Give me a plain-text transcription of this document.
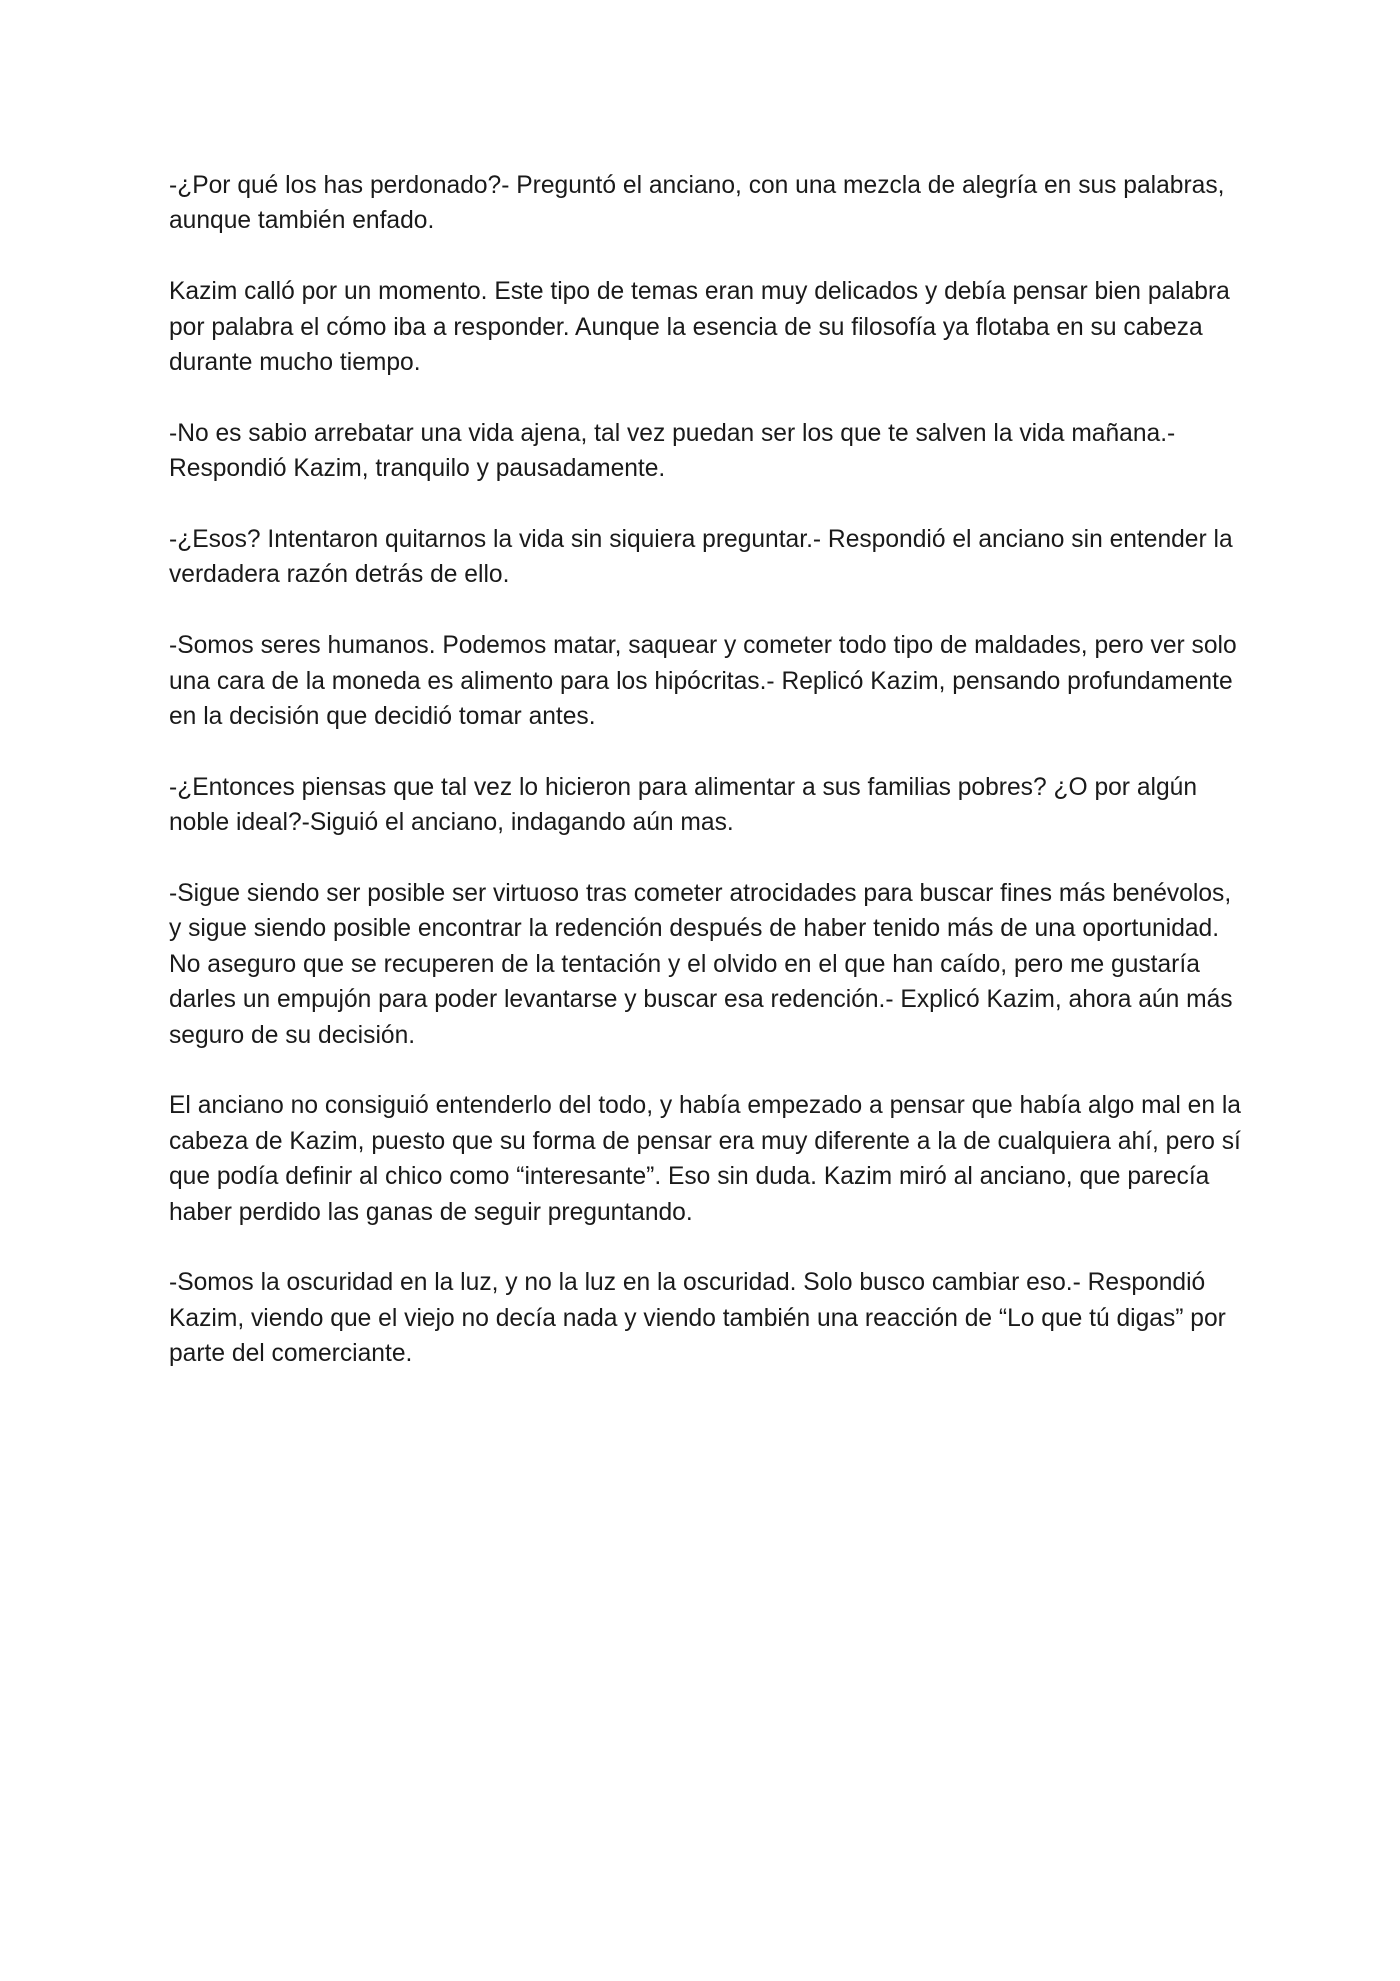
-¿Por qué los has perdonado?- Preguntó el anciano, con una mezcla de alegría en sus palabras, aunque también enfado.

Kazim calló por un momento. Este tipo de temas eran muy delicados y debía pensar bien palabra por palabra el cómo iba a responder. Aunque la esencia de su filosofía ya flotaba en su cabeza durante mucho tiempo.

-No es sabio arrebatar una vida ajena, tal vez puedan ser los que te salven la vida mañana.- Respondió Kazim, tranquilo y pausadamente.

-¿Esos? Intentaron quitarnos la vida sin siquiera preguntar.- Respondió el anciano sin entender la verdadera razón detrás de ello.

-Somos seres humanos. Podemos matar, saquear y cometer todo tipo de maldades, pero ver solo una cara de la moneda es alimento para los hipócritas.- Replicó Kazim, pensando profundamente en la decisión que decidió tomar antes.

-¿Entonces piensas que tal vez lo hicieron para alimentar a sus familias pobres? ¿O por algún noble ideal?-Siguió el anciano, indagando aún mas.

-Sigue siendo ser posible ser virtuoso tras cometer atrocidades para buscar fines más benévolos, y sigue siendo posible encontrar la redención después de haber tenido más de una oportunidad. No aseguro que se recuperen de la tentación y el olvido en el que han caído, pero me gustaría darles un empujón para poder levantarse y buscar esa redención.- Explicó Kazim, ahora aún más seguro de su decisión.

El anciano no consiguió entenderlo del todo, y había empezado a pensar que había algo mal en la cabeza de Kazim, puesto que su forma de pensar era muy diferente a la de cualquiera ahí, pero sí que podía definir al chico como “interesante”. Eso sin duda. Kazim miró al anciano, que parecía haber perdido las ganas de seguir preguntando.

-Somos la oscuridad en la luz, y no la luz en la oscuridad. Solo busco cambiar eso.- Respondió Kazim, viendo que el viejo no decía nada y viendo también una reacción de “Lo que tú digas” por parte del comerciante.
